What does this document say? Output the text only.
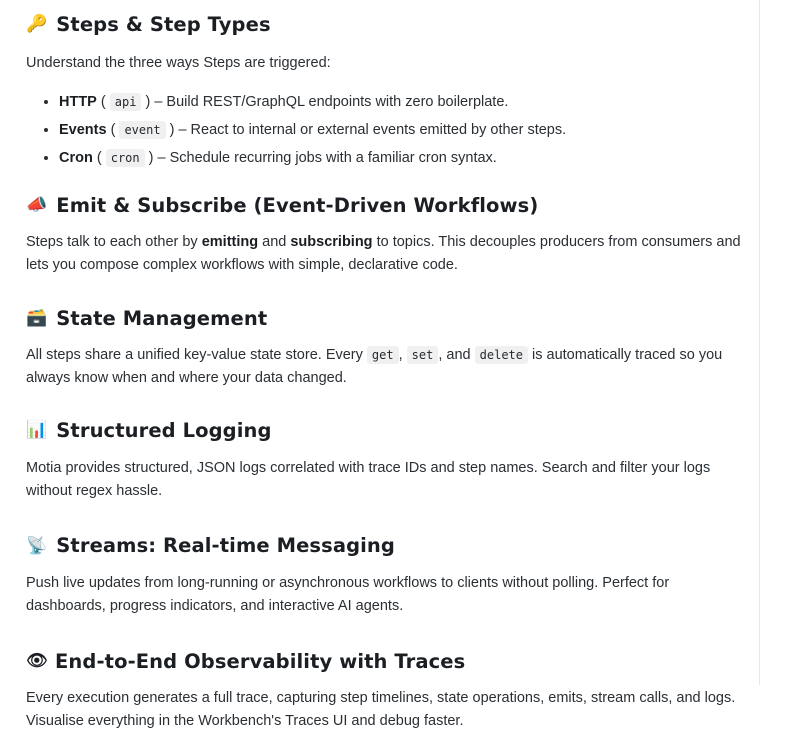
🔑 Steps & Step Types

Understand the three ways Steps are triggered:

• HTTP ( api ) – Build REST/GraphQL endpoints with zero boilerplate.
• Events ( event ) – React to internal or external events emitted by other steps.
• Cron ( cron ) – Schedule recurring jobs with a familiar cron syntax.
📣 Emit & Subscribe (Event-Driven Workflows)

Steps talk to each other by emitting and subscribing to topics. This decouples producers from consumers and lets you compose complex workflows with simple, declarative code.

🗃️ State Management

All steps share a unified key-value state store. Every get , set , and delete is automatically traced so you always know when and where your data changed.

📊 Structured Logging

Motia provides structured, JSON logs correlated with trace IDs and step names. Search and filter your logs without regex hassle.

📡 Streams: Real-time Messaging

Push live updates from long-running or asynchronous workflows to clients without polling. Perfect for dashboards, progress indicators, and interactive AI agents.

👁 End-to-End Observability with Traces

Every execution generates a full trace, capturing step timelines, state operations, emits, stream calls, and logs. Visualise everything in the Workbench's Traces UI and debug faster.
